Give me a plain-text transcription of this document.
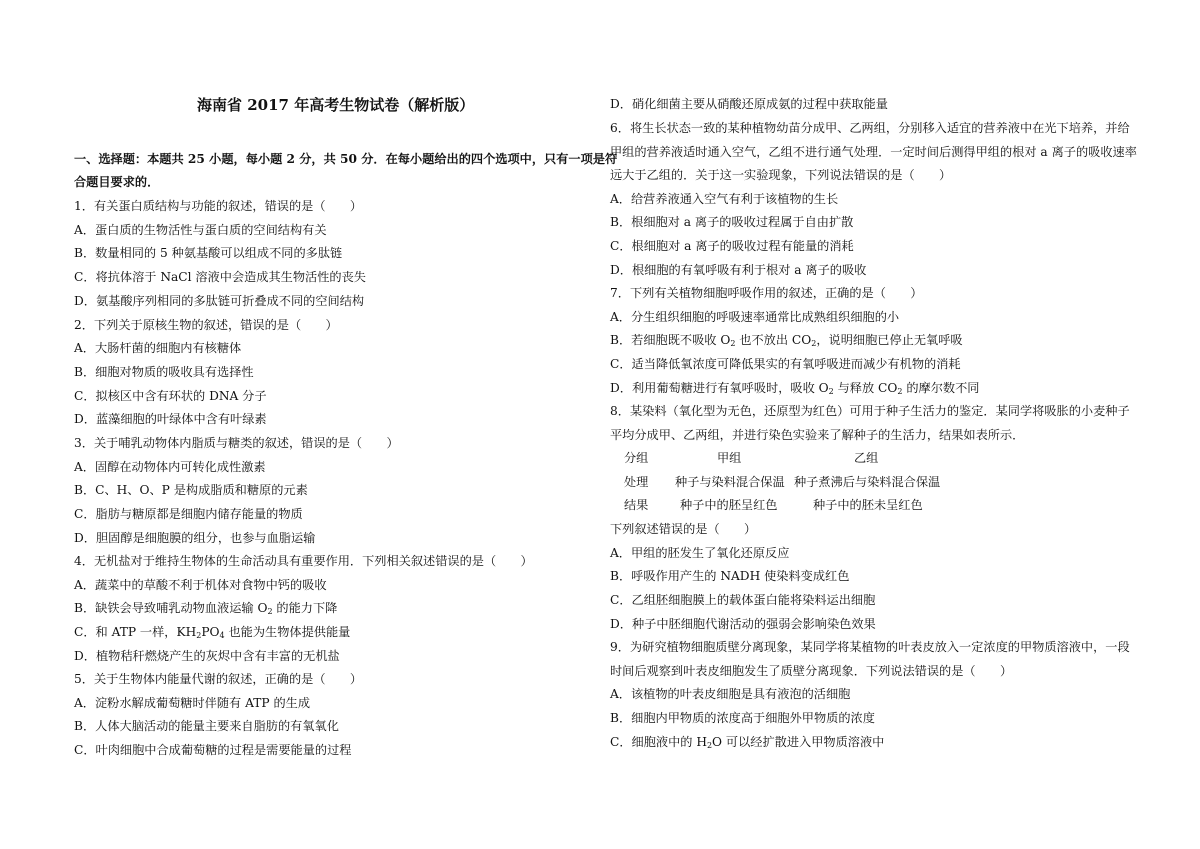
海南省 2017 年高考生物试卷（解析版）
一、选择题：本题共 25 小题，每小题 2 分，共 50 分．在每小题给出的四个选项中，只有一项是符
合题目要求的．
1．有关蛋白质结构与功能的叙述，错误的是（　　）
A．蛋白质的生物活性与蛋白质的空间结构有关
B．数量相同的 5 种氨基酸可以组成不同的多肽链
C．将抗体溶于 NaCl 溶液中会造成其生物活性的丧失
D．氨基酸序列相同的多肽链可折叠成不同的空间结构
2．下列关于原核生物的叙述，错误的是（　　）
A．大肠杆菌的细胞内有核糖体
B．细胞对物质的吸收具有选择性
C．拟核区中含有环状的 DNA 分子
D．蓝藻细胞的叶绿体中含有叶绿素
3．关于哺乳动物体内脂质与糖类的叙述，错误的是（　　）
A．固醇在动物体内可转化成性激素
B．C、H、O、P 是构成脂质和糖原的元素
C．脂肪与糖原都是细胞内储存能量的物质
D．胆固醇是细胞膜的组分，也参与血脂运输
4．无机盐对于维持生物体的生命活动具有重要作用．下列相关叙述错误的是（　　）
A．蔬菜中的草酸不利于机体对食物中钙的吸收
B．缺铁会导致哺乳动物血液运输 $O_2$ 的能力下降
C．和 ATP 一样，$KH_2PO_4$ 也能为生物体提供能量
D．植物秸秆燃烧产生的灰烬中含有丰富的无机盐
5．关于生物体内能量代谢的叙述，正确的是（　　）
A．淀粉水解成葡萄糖时伴随有 ATP 的生成
B．人体大脑活动的能量主要来自脂肪的有氧氧化
C．叶肉细胞中合成葡萄糖的过程是需要能量的过程
D．硝化细菌主要从硝酸还原成氨的过程中获取能量
6．将生长状态一致的某种植物幼苗分成甲、乙两组，分别移入适宜的营养液中在光下培养，并给
甲组的营养液适时通入空气，乙组不进行通气处理．一定时间后测得甲组的根对 a 离子的吸收速率
远大于乙组的．关于这一实验现象，下列说法错误的是（　　）
A．给营养液通入空气有利于该植物的生长
B．根细胞对 a 离子的吸收过程属于自由扩散
C．根细胞对 a 离子的吸收过程有能量的消耗
D．根细胞的有氧呼吸有利于根对 a 离子的吸收
7．下列有关植物细胞呼吸作用的叙述，正确的是（　　）
A．分生组织细胞的呼吸速率通常比成熟组织细胞的小
B．若细胞既不吸收 $O_2$ 也不放出 $CO_2$，说明细胞已停止无氧呼吸
C．适当降低氧浓度可降低果实的有氧呼吸进而减少有机物的消耗
D．利用葡萄糖进行有氧呼吸时，吸收 $O_2$ 与释放 $CO_2$ 的摩尔数不同
8．某染料（氧化型为无色，还原型为红色）可用于种子生活力的鉴定．某同学将吸胀的小麦种子
平均分成甲、乙两组，并进行染色实验来了解种子的生活力，结果如表所示．
分组	甲组	乙组
处理 种子与染料混合保温 种子煮沸后与染料混合保温
结果	种子中的胚呈红色	种子中的胚未呈红色
下列叙述错误的是（　　）
A．甲组的胚发生了氧化还原反应
B．呼吸作用产生的 NADH 使染料变成红色
C．乙组胚细胞膜上的载体蛋白能将染料运出细胞
D．种子中胚细胞代谢活动的强弱会影响染色效果
9．为研究植物细胞质壁分离现象，某同学将某植物的叶表皮放入一定浓度的甲物质溶液中，一段
时间后观察到叶表皮细胞发生了质壁分离现象．下列说法错误的是（　　）
A．该植物的叶表皮细胞是具有液泡的活细胞
B．细胞内甲物质的浓度高于细胞外甲物质的浓度
C．细胞液中的 $H_2O$ 可以经扩散进入甲物质溶液中
